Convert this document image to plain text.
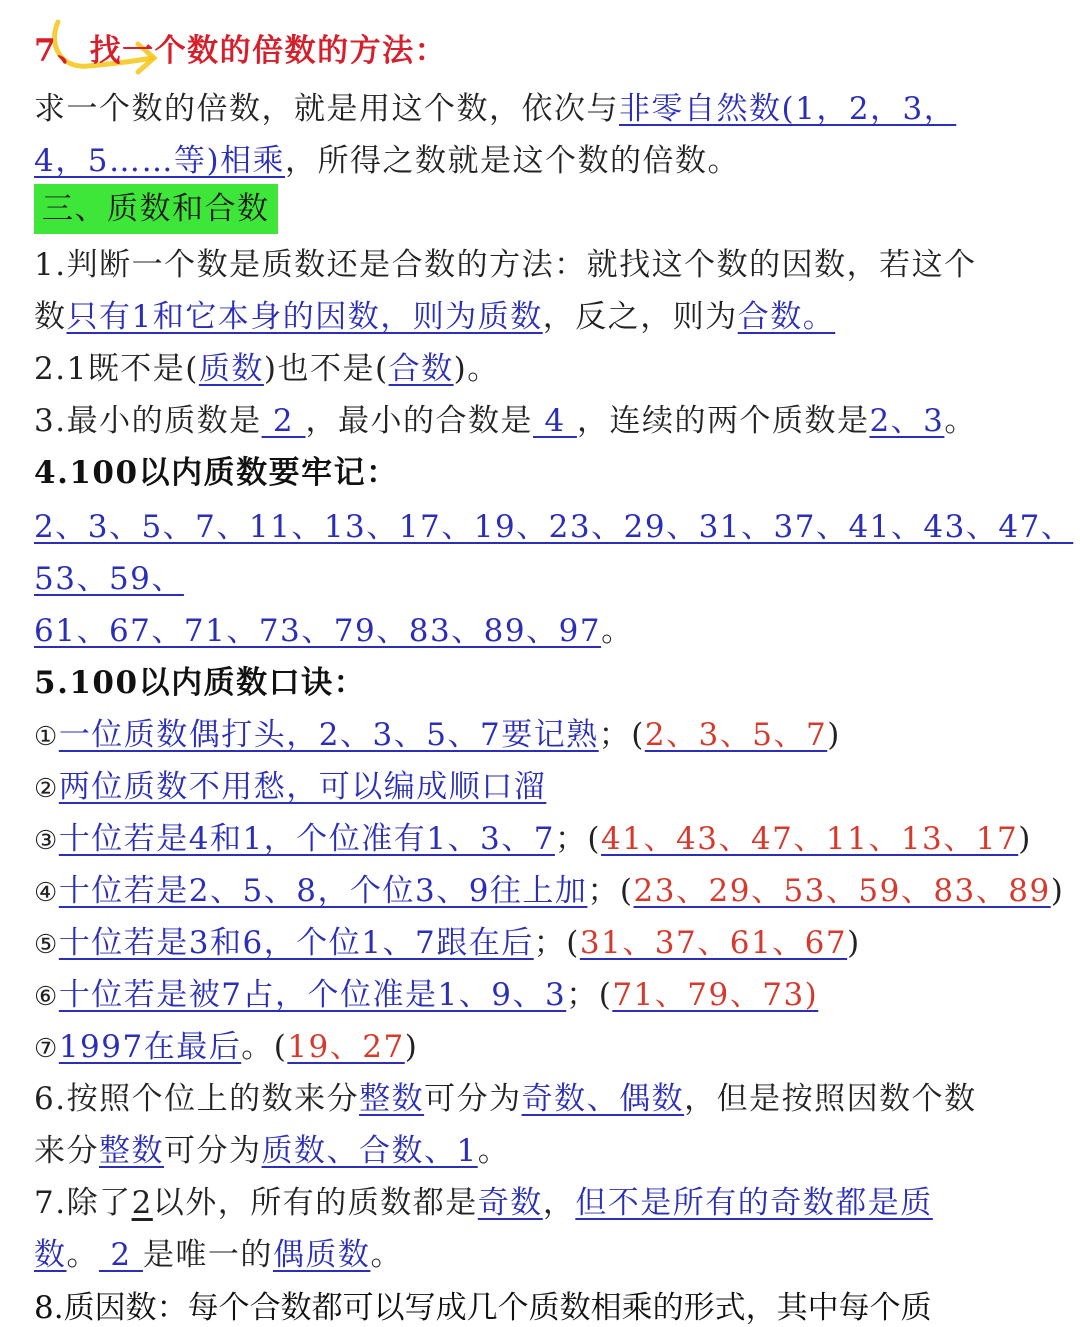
7、找一个数的倍数的方法：
求一个数的倍数，就是用这个数，依次与非零自然数(1，2，3，
4，5……等)相乘，所得之数就是这个数的倍数。
三、质数和合数
1.判断一个数是质数还是合数的方法：就找这个数的因数，若这个
数只有1和它本身的因数，则为质数，反之，则为合数。
2.1既不是(质数)也不是(合数)。
3.最小的质数是 2 ，最小的合数是 4 ，连续的两个质数是2、3。
4.100以内质数要牢记：
2、3、5、7、11、13、17、19、23、29、31、37、41、43、47、
53、59、
61、67、71、73、79、83、89、97。
5.100以内质数口诀：
①一位质数偶打头，2、3、5、7要记熟；(2、3、5、7)
②两位质数不用愁，可以编成顺口溜
③十位若是4和1，个位准有1、3、7；(41、43、47、11、13、17)
④十位若是2、5、8，个位3、9往上加；(23、29、53、59、83、89)
⑤十位若是3和6，个位1、7跟在后；(31、37、61、67)
⑥十位若是被7占，个位准是1、9、3；(71、79、73)
⑦1997在最后。(19、27)
6.按照个位上的数来分整数可分为奇数、偶数，但是按照因数个数
来分整数可分为质数、合数、1。
7.除了2以外，所有的质数都是奇数，但不是所有的奇数都是质
数。 2 是唯一的偶质数。
8.质因数：每个合数都可以写成几个质数相乘的形式，其中每个质
